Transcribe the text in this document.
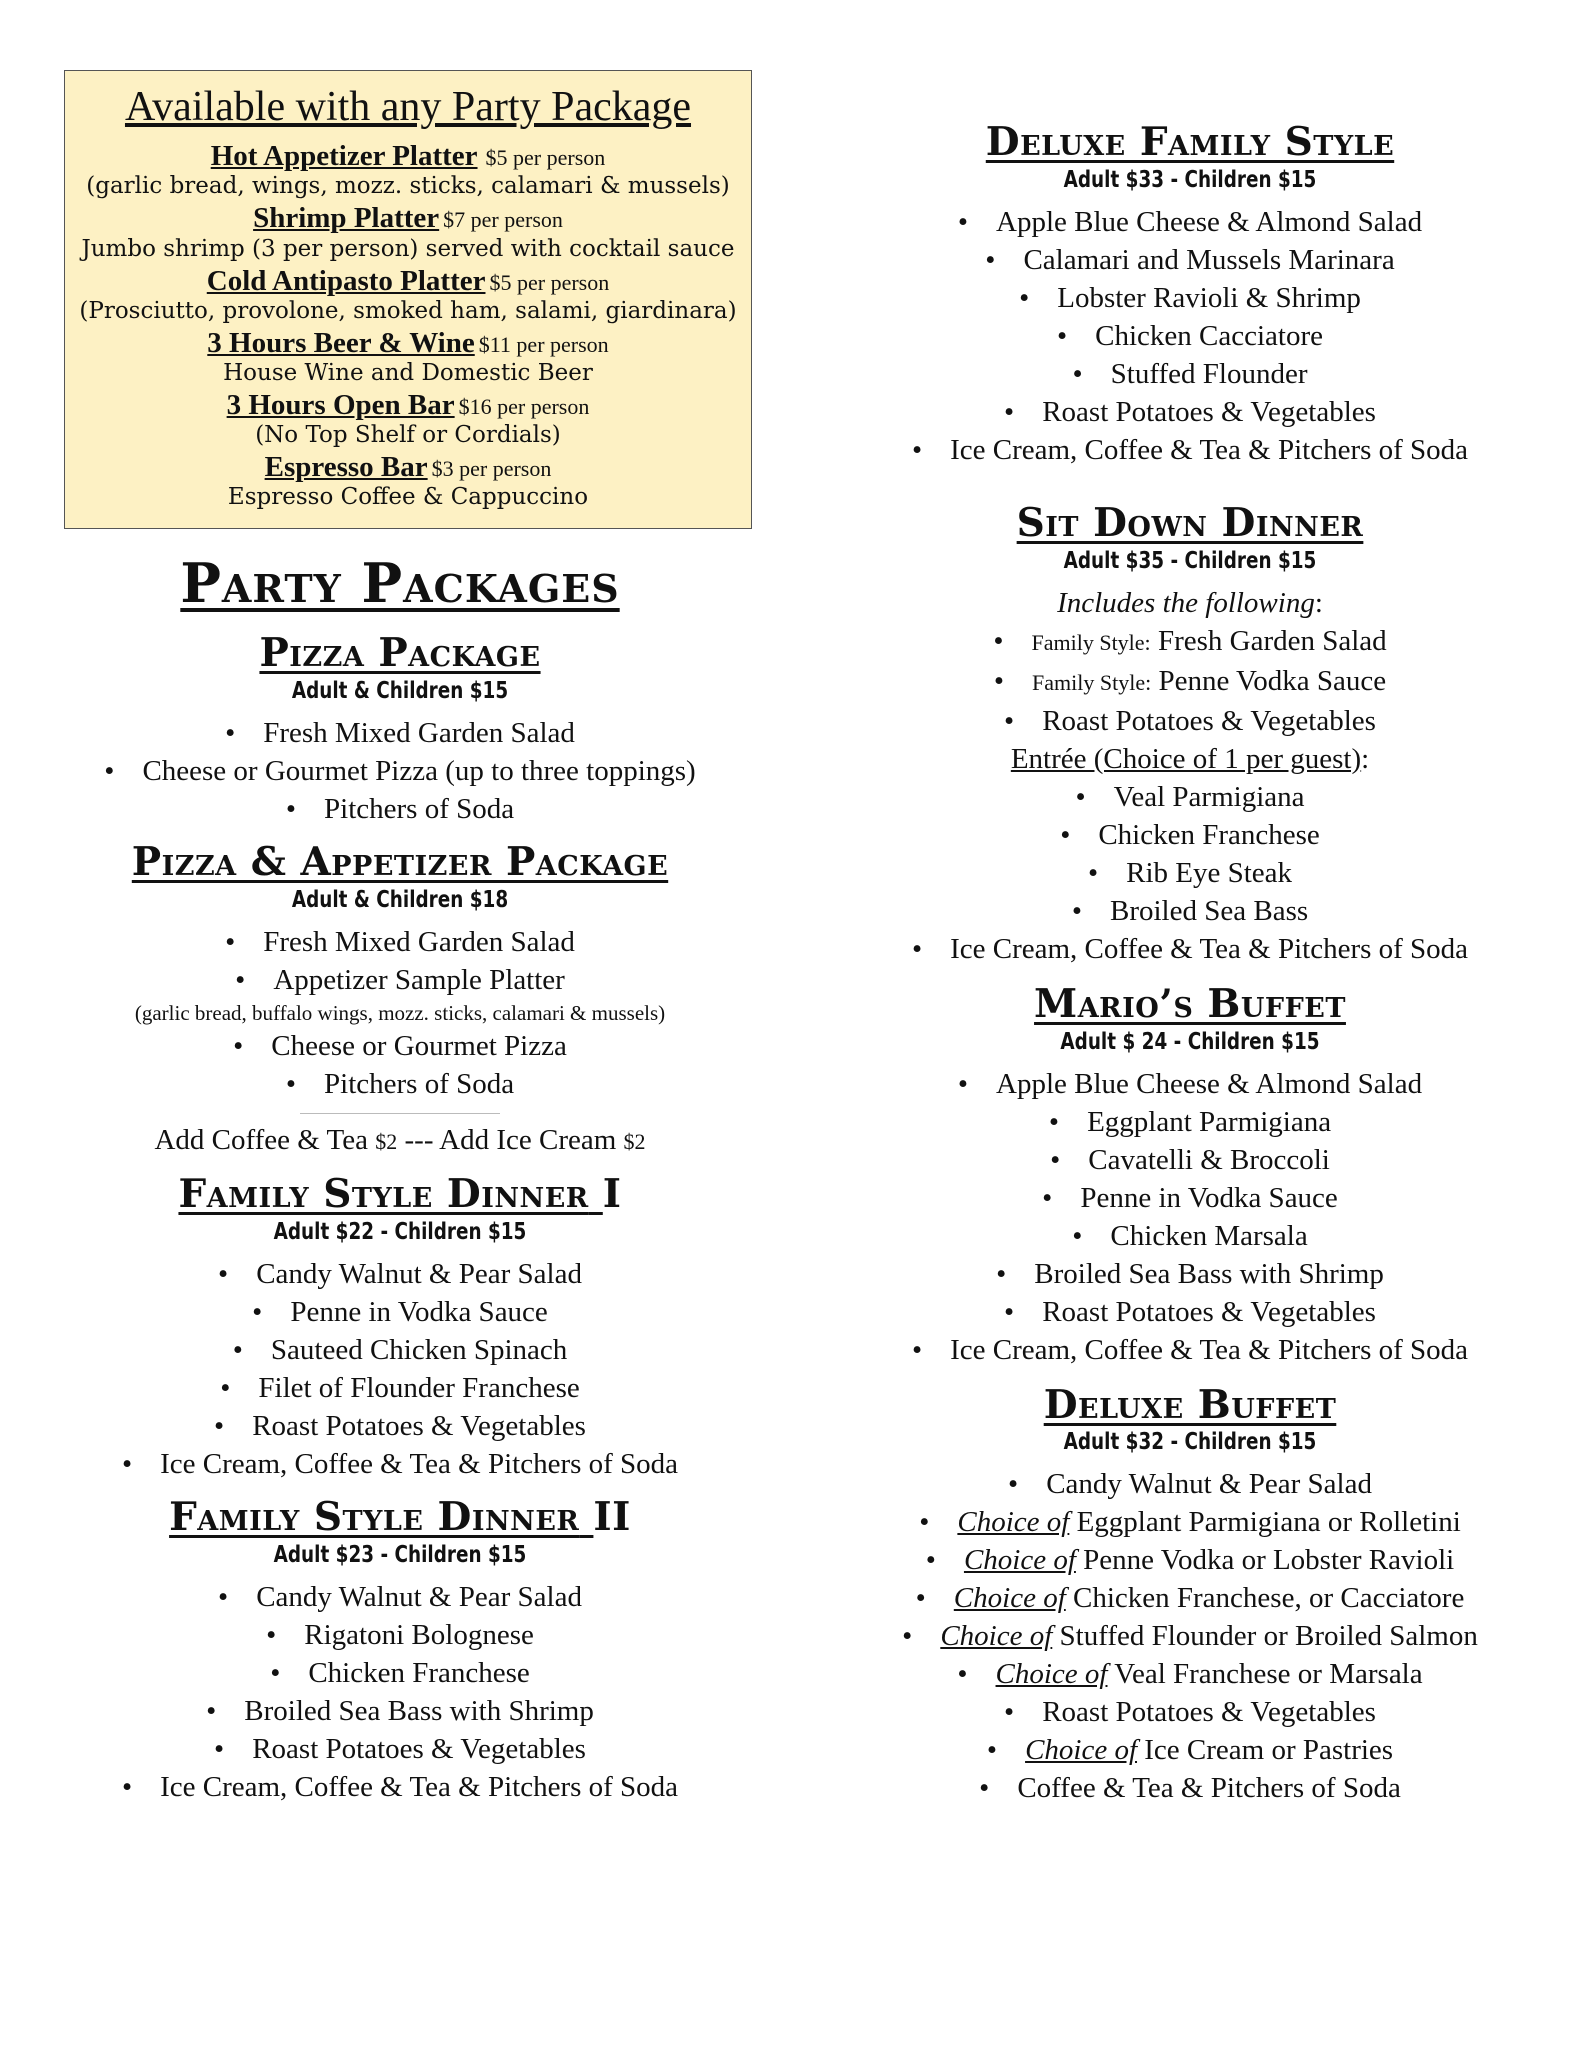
Available with any Party Package
Hot Appetizer Platter $5 per person
(garlic bread, wings, mozz. sticks, calamari & mussels)
Shrimp Platter $7 per person
Jumbo shrimp (3 per person) served with cocktail sauce
Cold Antipasto Platter $5 per person
(Prosciutto, provolone, smoked ham, salami, giardinara)
3 Hours Beer & Wine $11 per person
House Wine and Domestic Beer
3 Hours Open Bar $16 per person
(No Top Shelf or Cordials)
Espresso Bar $3 per person
Espresso Coffee & Cappuccino
Party Packages
Pizza Package
Adult & Children $15
• Fresh Mixed Garden Salad
• Cheese or Gourmet Pizza (up to three toppings)
• Pitchers of Soda
Pizza & Appetizer Package
Adult & Children $18
• Fresh Mixed Garden Salad
• Appetizer Sample Platter
(garlic bread, buffalo wings, mozz. sticks, calamari & mussels)
• Cheese or Gourmet Pizza
• Pitchers of Soda
Add Coffee & Tea $2 --- Add Ice Cream $2
Family Style Dinner I
Adult $22 - Children $15
• Candy Walnut & Pear Salad
• Penne in Vodka Sauce
• Sauteed Chicken Spinach
• Filet of Flounder Franchese
• Roast Potatoes & Vegetables
• Ice Cream, Coffee & Tea & Pitchers of Soda
Family Style Dinner II
Adult $23 - Children $15
• Candy Walnut & Pear Salad
• Rigatoni Bolognese
• Chicken Franchese
• Broiled Sea Bass with Shrimp
• Roast Potatoes & Vegetables
• Ice Cream, Coffee & Tea & Pitchers of Soda
Deluxe Family Style
Adult $33 - Children $15
• Apple Blue Cheese & Almond Salad
• Calamari and Mussels Marinara
• Lobster Ravioli & Shrimp
• Chicken Cacciatore
• Stuffed Flounder
• Roast Potatoes & Vegetables
• Ice Cream, Coffee & Tea & Pitchers of Soda
Sit Down Dinner
Adult $35 - Children $15
Includes the following:
• Family Style: Fresh Garden Salad
• Family Style: Penne Vodka Sauce
• Roast Potatoes & Vegetables
Entrée (Choice of 1 per guest):
• Veal Parmigiana
• Chicken Franchese
• Rib Eye Steak
• Broiled Sea Bass
• Ice Cream, Coffee & Tea & Pitchers of Soda
Mario’s Buffet
Adult $ 24 - Children $15
• Apple Blue Cheese & Almond Salad
• Eggplant Parmigiana
• Cavatelli & Broccoli
• Penne in Vodka Sauce
• Chicken Marsala
• Broiled Sea Bass with Shrimp
• Roast Potatoes & Vegetables
• Ice Cream, Coffee & Tea & Pitchers of Soda
Deluxe Buffet
Adult $32 - Children $15
• Candy Walnut & Pear Salad
• Choice of Eggplant Parmigiana or Rolletini
• Choice of Penne Vodka or Lobster Ravioli
• Choice of Chicken Franchese, or Cacciatore
• Choice of Stuffed Flounder or Broiled Salmon
• Choice of Veal Franchese or Marsala
• Roast Potatoes & Vegetables
• Choice of Ice Cream or Pastries
• Coffee & Tea & Pitchers of Soda
